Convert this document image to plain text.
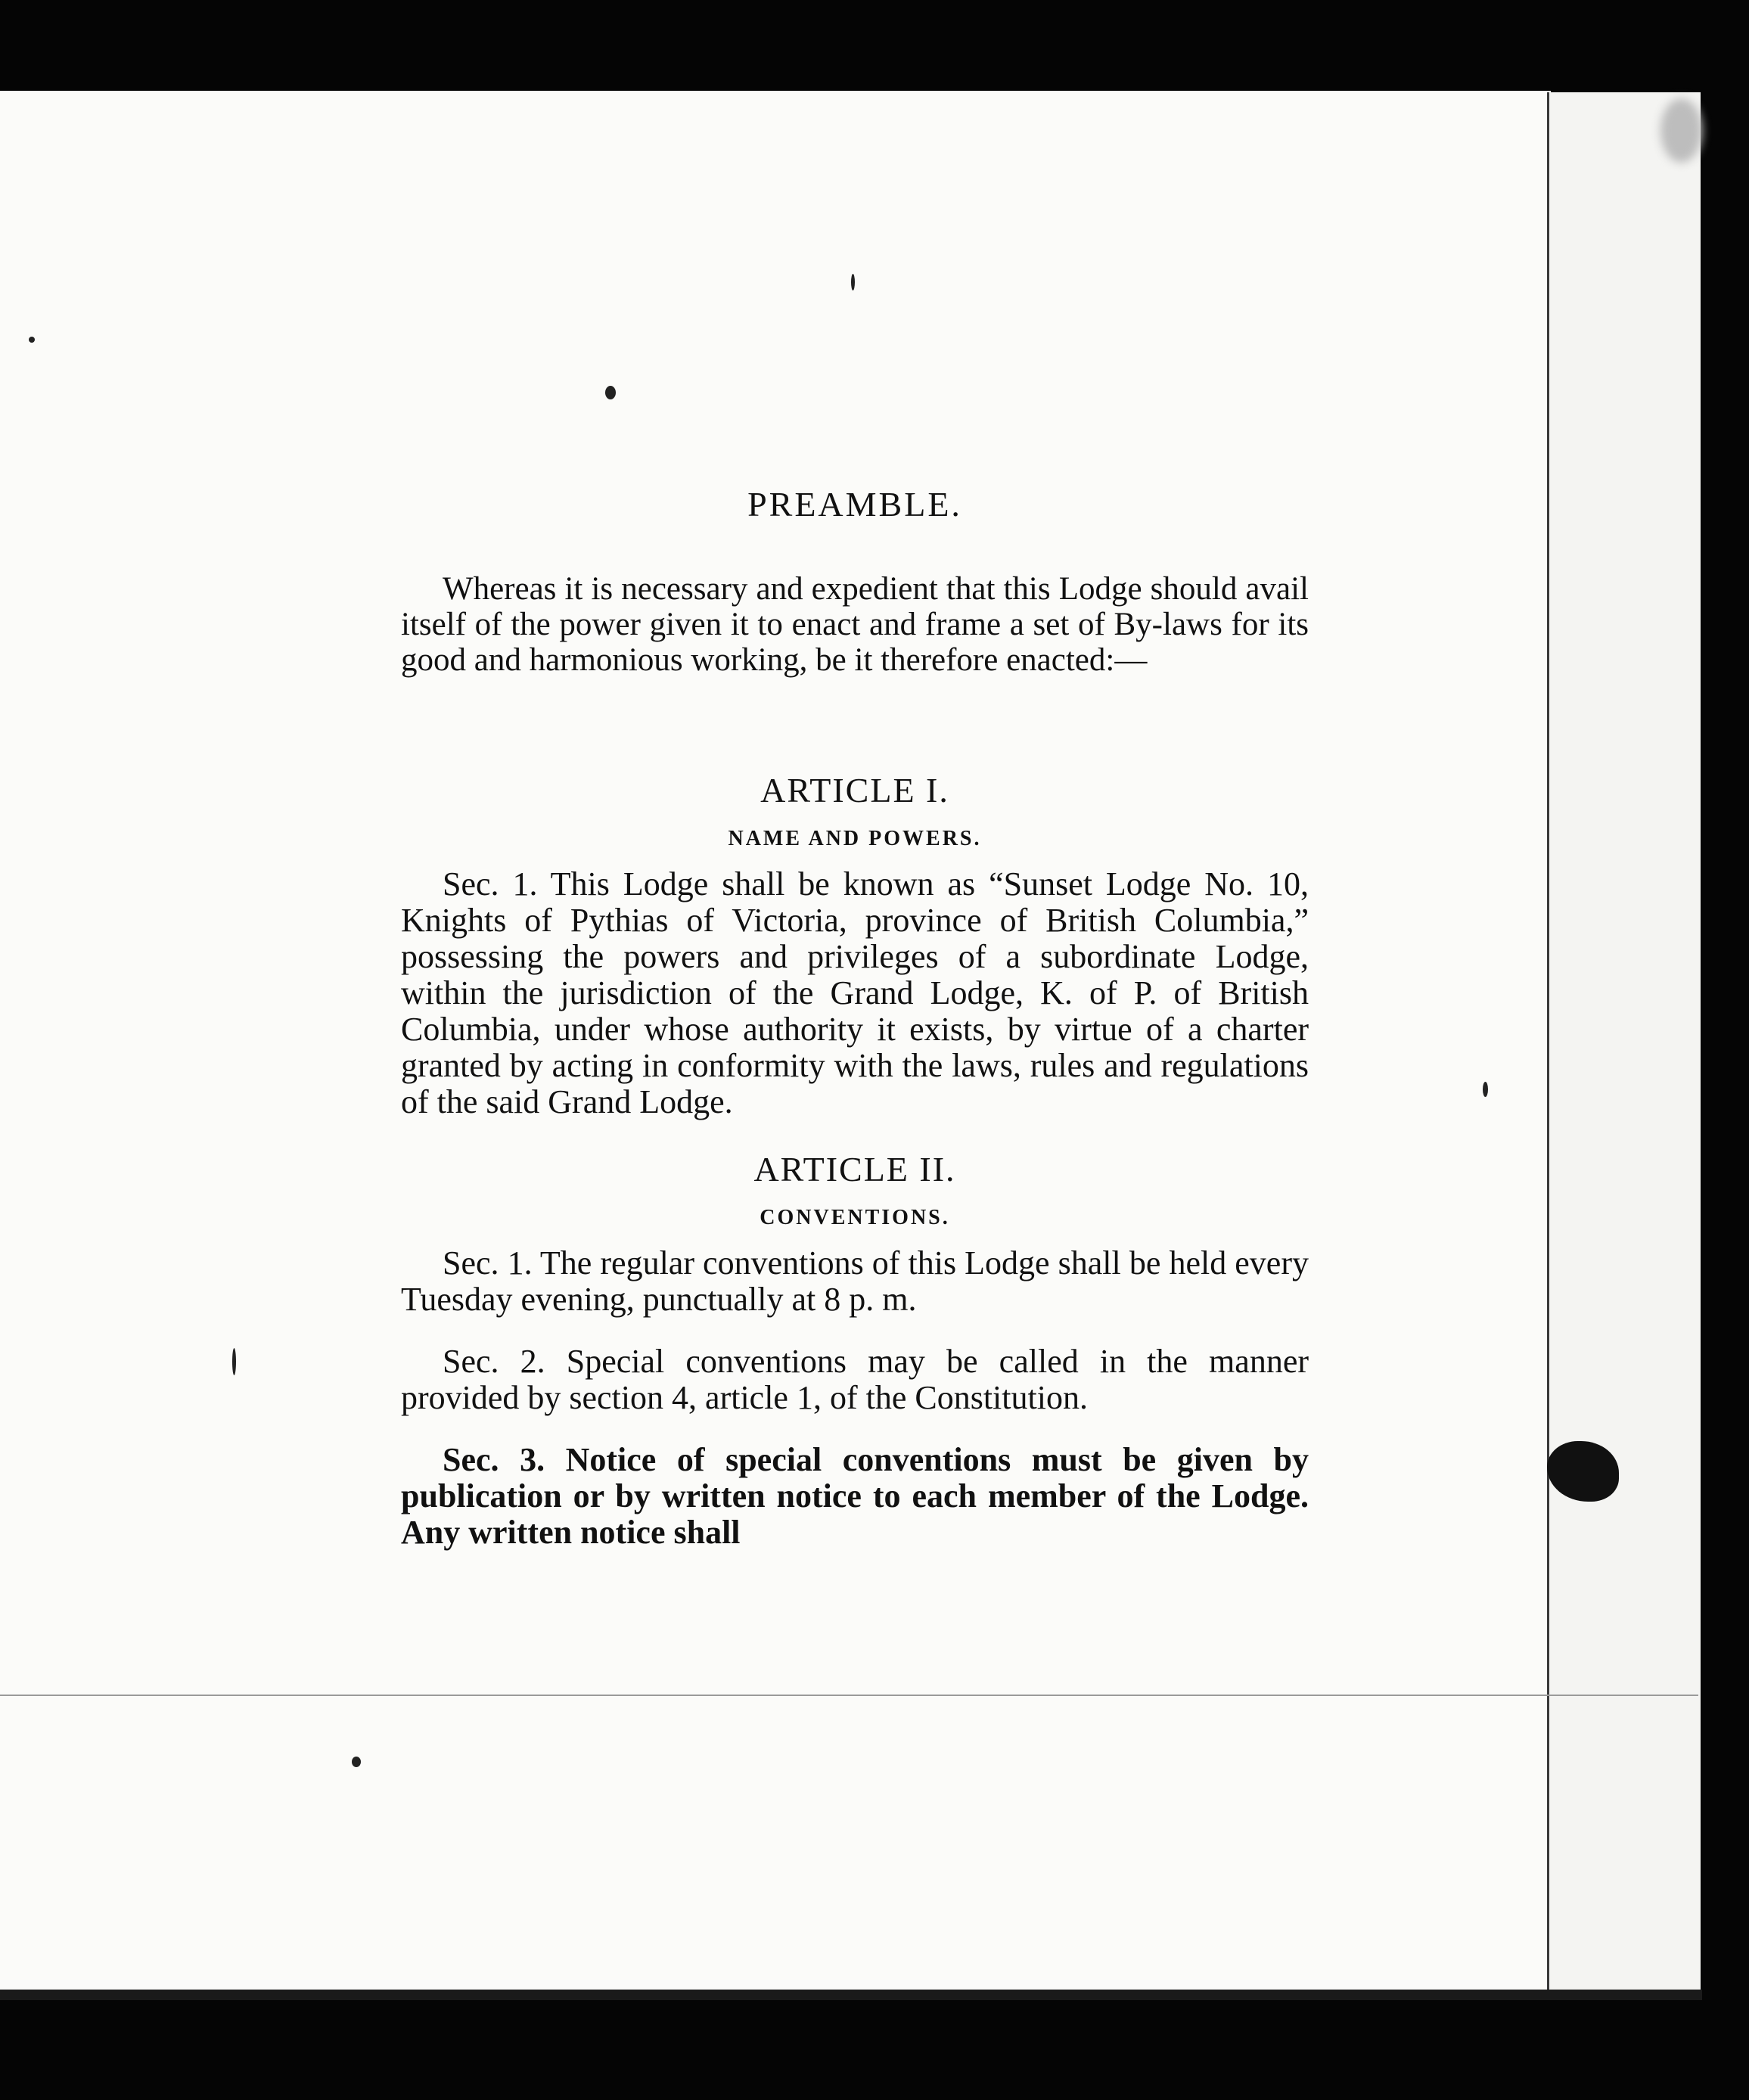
PREAMBLE.

Whereas it is necessary and expedient that this Lodge should avail itself of the power given it to enact and frame a set of By-laws for its good and harmonious working, be it therefore enacted:—

ARTICLE I.
NAME AND POWERS.

Sec. 1. This Lodge shall be known as “Sunset Lodge No. 10, Knights of Pythias of Victoria, province of British Columbia,” possessing the powers and privileges of a subordinate Lodge, within the jurisdiction of the Grand Lodge, K. of P. of British Columbia, under whose authority it exists, by virtue of a charter granted by acting in conformity with the laws, rules and regulations of the said Grand Lodge.

ARTICLE II.
CONVENTIONS.

Sec. 1. The regular conventions of this Lodge shall be held every Tuesday evening, punctually at 8 p. m.

Sec. 2. Special conventions may be called in the manner provided by section 4, article 1, of the Constitution.

Sec. 3. Notice of special conventions must be given by publication or by written notice to each member of the Lodge. Any written notice shall
